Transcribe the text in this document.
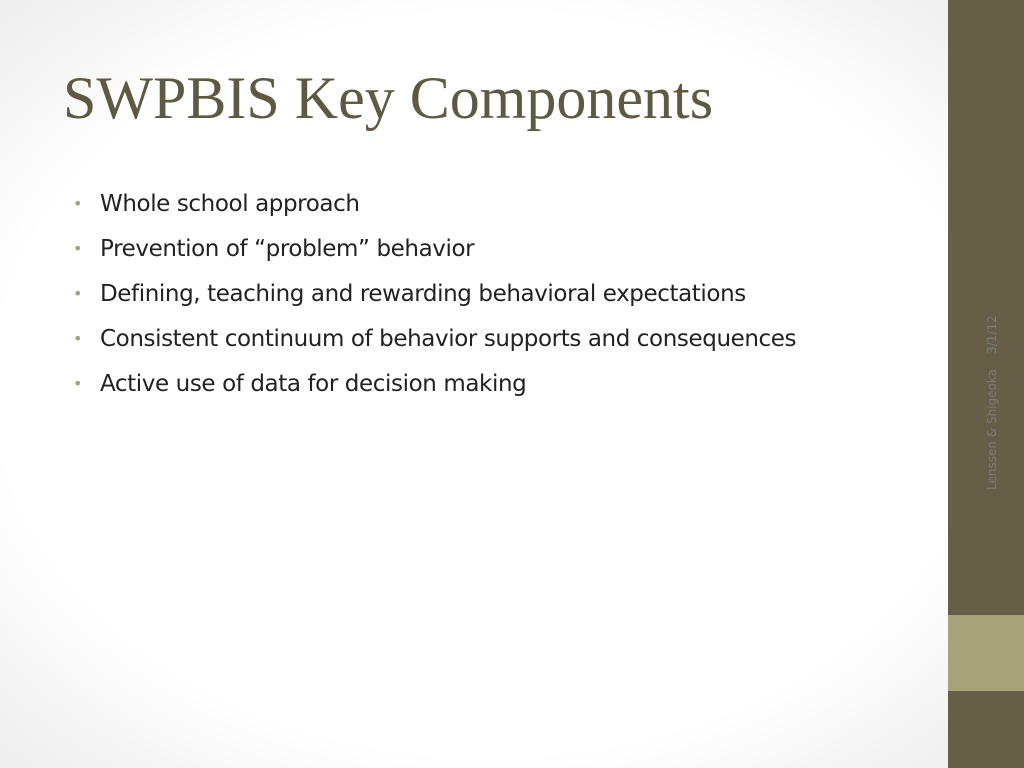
SWPBIS Key Components
• Whole school approach
• Prevention of “problem” behavior
• Defining, teaching and rewarding behavioral expectations
• Consistent continuum of behavior supports and consequences
• Active use of data for decision making	Lenssen & Shigeoka3/1/12
